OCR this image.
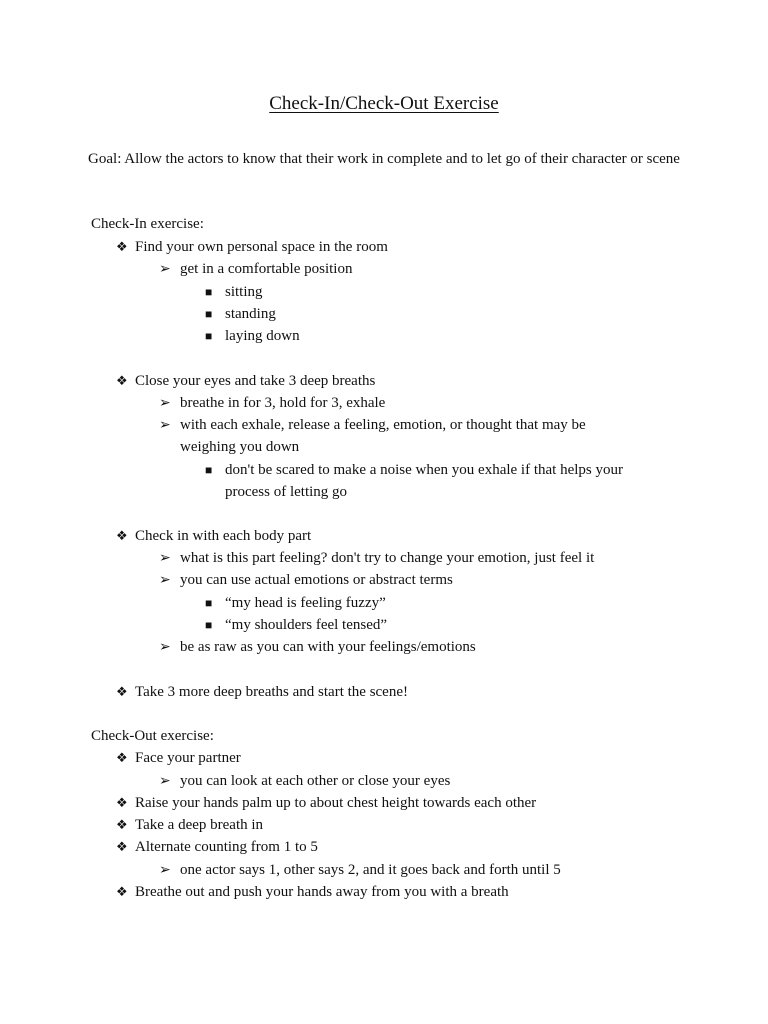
Check-In/Check-Out Exercise
Goal: Allow the actors to know that their work in complete and to let go of their character or scene
Check-In exercise:
❖ Find your own personal space in the room
➢ get in a comfortable position
■ sitting
■ standing
■ laying down
❖ Close your eyes and take 3 deep breaths
➢ breathe in for 3, hold for 3, exhale
➢ with each exhale, release a feeling, emotion, or thought that may be
weighing you down
■ don't be scared to make a noise when you exhale if that helps your
process of letting go
❖ Check in with each body part
➢ what is this part feeling? don't try to change your emotion, just feel it
➢ you can use actual emotions or abstract terms
■ “my head is feeling fuzzy”
■ “my shoulders feel tensed”
➢ be as raw as you can with your feelings/emotions
❖ Take 3 more deep breaths and start the scene!
Check-Out exercise:
❖ Face your partner
➢ you can look at each other or close your eyes
❖ Raise your hands palm up to about chest height towards each other
❖ Take a deep breath in
❖ Alternate counting from 1 to 5
➢ one actor says 1, other says 2, and it goes back and forth until 5
❖ Breathe out and push your hands away from you with a breath
